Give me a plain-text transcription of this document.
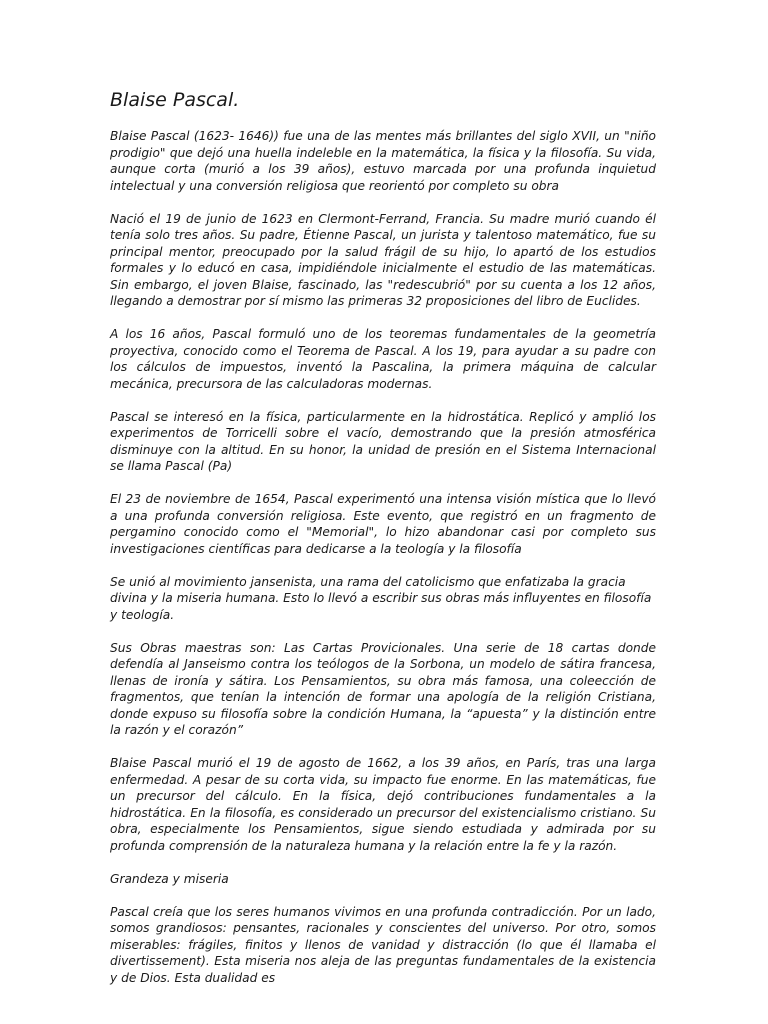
Blaise Pascal.

Blaise Pascal (1623- 1646)) fue una de las mentes más brillantes del siglo XVII, un "niño prodigio" que dejó una huella indeleble en la matemática, la física y la filosofía. Su vida, aunque corta (murió a los 39 años), estuvo marcada por una profunda inquietud intelectual y una conversión religiosa que reorientó por completo su obra

Nació el 19 de junio de 1623 en Clermont-Ferrand, Francia. Su madre murió cuando él tenía solo tres años. Su padre, Étienne Pascal, un jurista y talentoso matemático, fue su principal mentor, preocupado por la salud frágil de su hijo, lo apartó de los estudios formales y lo educó en casa, impidiéndole inicialmente el estudio de las matemáticas. Sin embargo, el joven Blaise, fascinado, las "redescubrió" por su cuenta a los 12 años, llegando a demostrar por sí mismo las primeras 32 proposiciones del libro de Euclides.

A los 16 años, Pascal formuló uno de los teoremas fundamentales de la geometría proyectiva, conocido como el Teorema de Pascal. A los 19, para ayudar a su padre con los cálculos de impuestos, inventó la Pascalina, la primera máquina de calcular mecánica, precursora de las calculadoras modernas.

Pascal se interesó en la física, particularmente en la hidrostática. Replicó y amplió los experimentos de Torricelli sobre el vacío, demostrando que la presión atmosférica disminuye con la altitud. En su honor, la unidad de presión en el Sistema Internacional se llama Pascal (Pa)

El 23 de noviembre de 1654, Pascal experimentó una intensa visión mística que lo llevó a una profunda conversión religiosa. Este evento, que registró en un fragmento de pergamino conocido como el "Memorial", lo hizo abandonar casi por completo sus investigaciones científicas para dedicarse a la teología y la filosofía

Se unió al movimiento jansenista, una rama del catolicismo que enfatizaba la gracia divina y la miseria humana. Esto lo llevó a escribir sus obras más influyentes en filosofía y teología.

Sus Obras maestras son: Las Cartas Provicionales. Una serie de 18 cartas donde defendía al Janseismo contra los teólogos de la Sorbona, un modelo de sátira francesa, llenas de ironía y sátira. Los Pensamientos, su obra más famosa, una coleección de fragmentos, que tenían la intención de formar una apología de la religión Cristiana, donde expuso su filosofía sobre la condición Humana, la “apuesta” y la distinción entre la razón y el corazón”

Blaise Pascal murió el 19 de agosto de 1662, a los 39 años, en París, tras una larga enfermedad. A pesar de su corta vida, su impacto fue enorme. En las matemáticas, fue un precursor del cálculo. En la física, dejó contribuciones fundamentales a la hidrostática. En la filosofía, es considerado un precursor del existencialismo cristiano. Su obra, especialmente los Pensamientos, sigue siendo estudiada y admirada por su profunda comprensión de la naturaleza humana y la relación entre la fe y la razón.

Grandeza y miseria

Pascal creía que los seres humanos vivimos en una profunda contradicción. Por un lado, somos grandiosos: pensantes, racionales y conscientes del universo. Por otro, somos miserables: frágiles, finitos y llenos de vanidad y distracción (lo que él llamaba el divertissement). Esta miseria nos aleja de las preguntas fundamentales de la existencia y de Dios. Esta dualidad es
